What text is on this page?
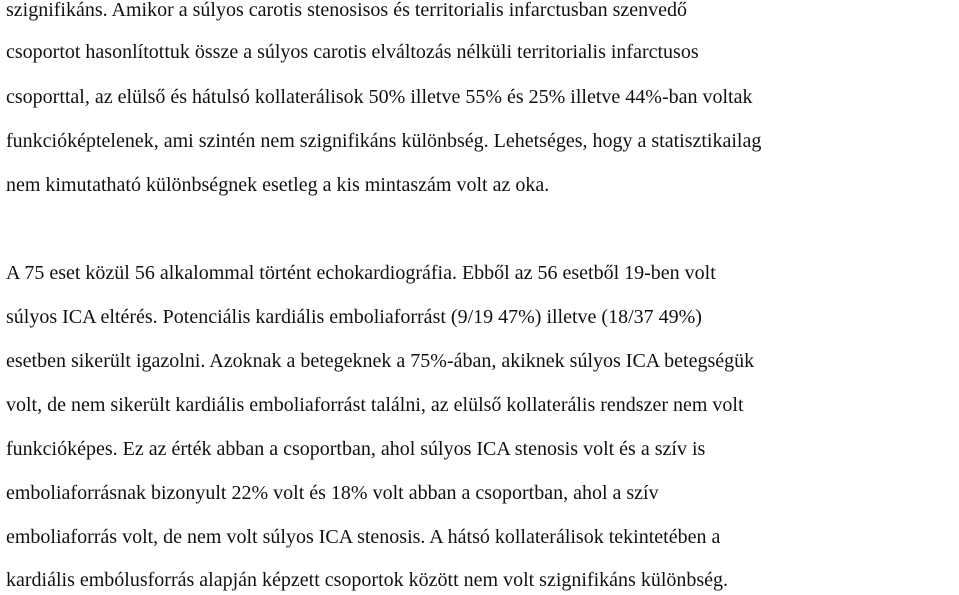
szignifikáns. Amikor a súlyos carotis stenosisos és territorialis infarctusban szenvedő
csoportot hasonlítottuk össze a súlyos carotis elváltozás nélküli territorialis infarctusos
csoporttal, az elülső és hátulsó kollaterálisok 50% illetve 55% és 25% illetve 44%-ban voltak
funkcióképtelenek, ami szintén nem szignifikáns különbség. Lehetséges, hogy a statisztikailag
nem kimutatható különbségnek esetleg a kis mintaszám volt az oka.
A 75 eset közül 56 alkalommal történt echokardiográfia. Ebből az 56 esetből 19-ben volt
súlyos ICA eltérés. Potenciális kardiális emboliaforrást (9/19 47%) illetve (18/37 49%)
esetben sikerült igazolni. Azoknak a betegeknek a 75%-ában, akiknek súlyos ICA betegségük
volt, de nem sikerült kardiális emboliaforrást találni, az elülső kollaterális rendszer nem volt
funkcióképes. Ez az érték abban a csoportban, ahol súlyos ICA stenosis volt és a szív is
emboliaforrásnak bizonyult 22% volt és 18% volt abban a csoportban, ahol a szív
emboliaforrás volt, de nem volt súlyos ICA stenosis. A hátsó kollaterálisok tekintetében a
kardiális embólusforrás alapján képzett csoportok között nem volt szignifikáns különbség.
